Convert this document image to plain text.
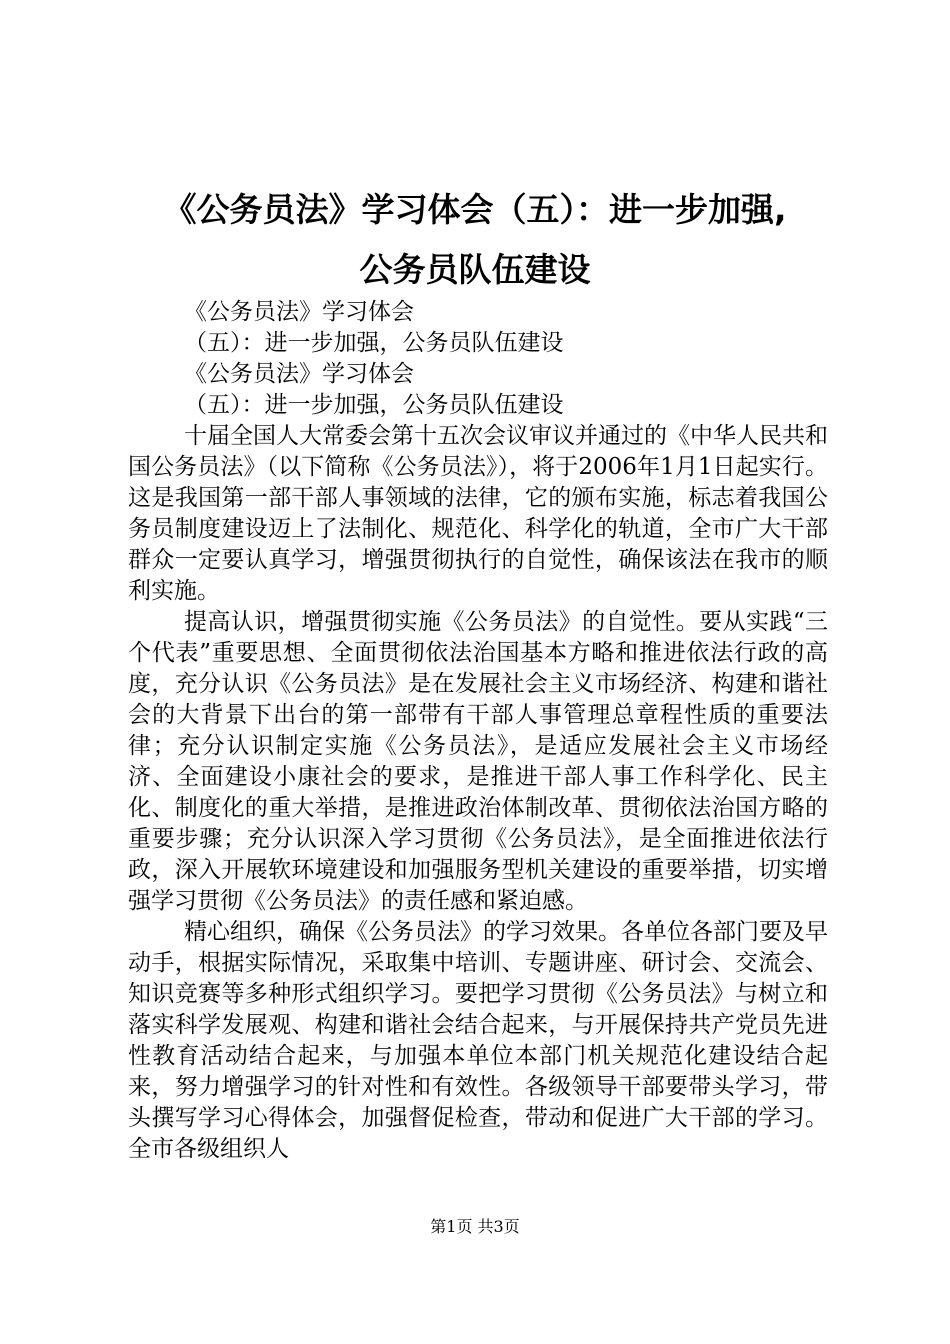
《公务员法》学习体会（五）：进一步加强,
公务员队伍建设
《公务员法》学习体会
（五）：进一步加强，公务员队伍建设
《公务员法》学习体会
（五）：进一步加强，公务员队伍建设

十届全国人大常委会第十五次会议审议并通过的《中华人民共和国公务员法》（以下简称《公务员法》），将于2006年1月1日起实行。这是我国第一部干部人事领域的法律，它的颁布实施，标志着我国公务员制度建设迈上了法制化、规范化、科学化的轨道，全市广大干部群众一定要认真学习，增强贯彻执行的自觉性，确保该法在我市的顺利实施。

提高认识，增强贯彻实施《公务员法》的自觉性。要从实践“三个代表”重要思想、全面贯彻依法治国基本方略和推进依法行政的高度，充分认识《公务员法》是在发展社会主义市场经济、构建和谐社会的大背景下出台的第一部带有干部人事管理总章程性质的重要法律；充分认识制定实施《公务员法》，是适应发展社会主义市场经济、全面建设小康社会的要求，是推进干部人事工作科学化、民主化、制度化的重大举措，是推进政治体制改革、贯彻依法治国方略的重要步骤；充分认识深入学习贯彻《公务员法》，是全面推进依法行政，深入开展软环境建设和加强服务型机关建设的重要举措，切实增强学习贯彻《公务员法》的责任感和紧迫感。

精心组织，确保《公务员法》的学习效果。各单位各部门要及早动手，根据实际情况，采取集中培训、专题讲座、研讨会、交流会、知识竞赛等多种形式组织学习。要把学习贯彻《公务员法》与树立和落实科学发展观、构建和谐社会结合起来，与开展保持共产党员先进性教育活动结合起来，与加强本单位本部门机关规范化建设结合起来，努力增强学习的针对性和有效性。各级领导干部要带头学习，带头撰写学习心得体会，加强督促检查，带动和促进广大干部的学习。全市各级组织人

第1页 共3页
